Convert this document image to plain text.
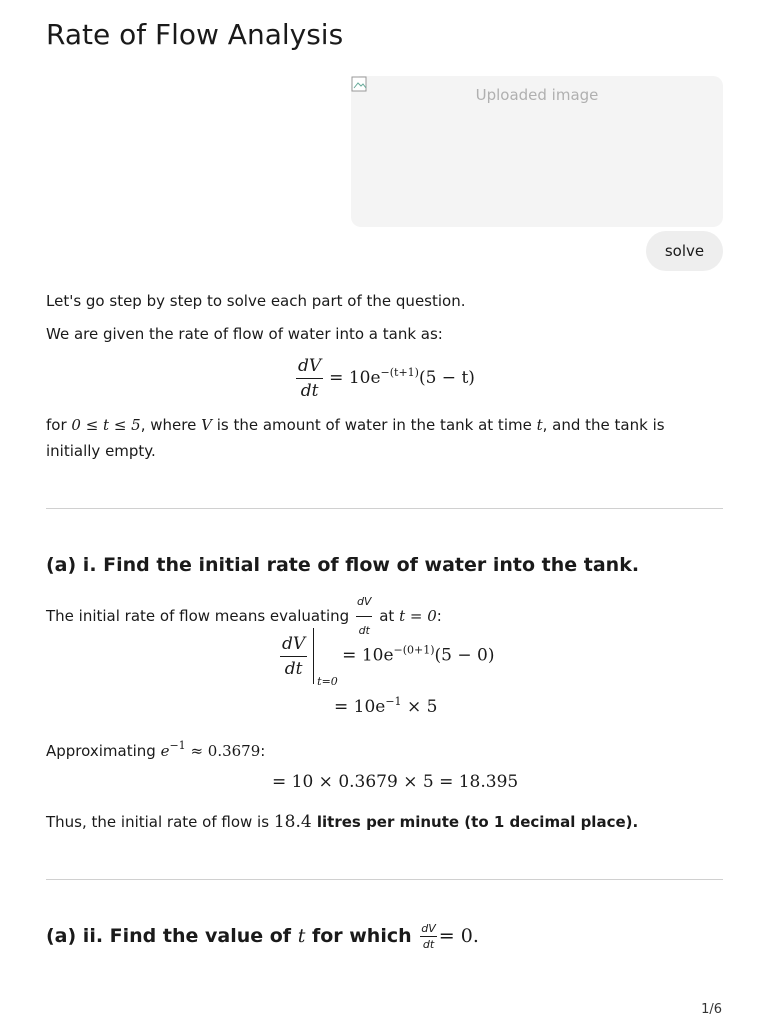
Rate of Flow Analysis
Uploaded image
solve

Let's go step by step to solve each part of the question.

We are given the rate of flow of water into a tank as:

$\frac{dV}{dt} = 10e^{-(t+1)}(5 - t)$

for 0 ≤ t ≤ 5, where V is the amount of water in the tank at time t, and the tank is initially empty.

(a) i. Find the initial rate of flow of water into the tank.

The initial rate of flow means evaluating $\frac{dV}{dt}$ at t = 0:

$\frac{dV}{dt}$
t=0
= $10e^{-(0+1)}(5 - 0)$
= $10e^{-1} \times 5$

Approximating $e^{-1} \approx 0.3679$:

= 10 × 0.3679 × 5 = 18.395

Thus, the initial rate of flow is 18.4 litres per minute (to 1 decimal place).

(a) ii. Find the value of t for which $\frac{dV}{dt} = 0$.
1/6
